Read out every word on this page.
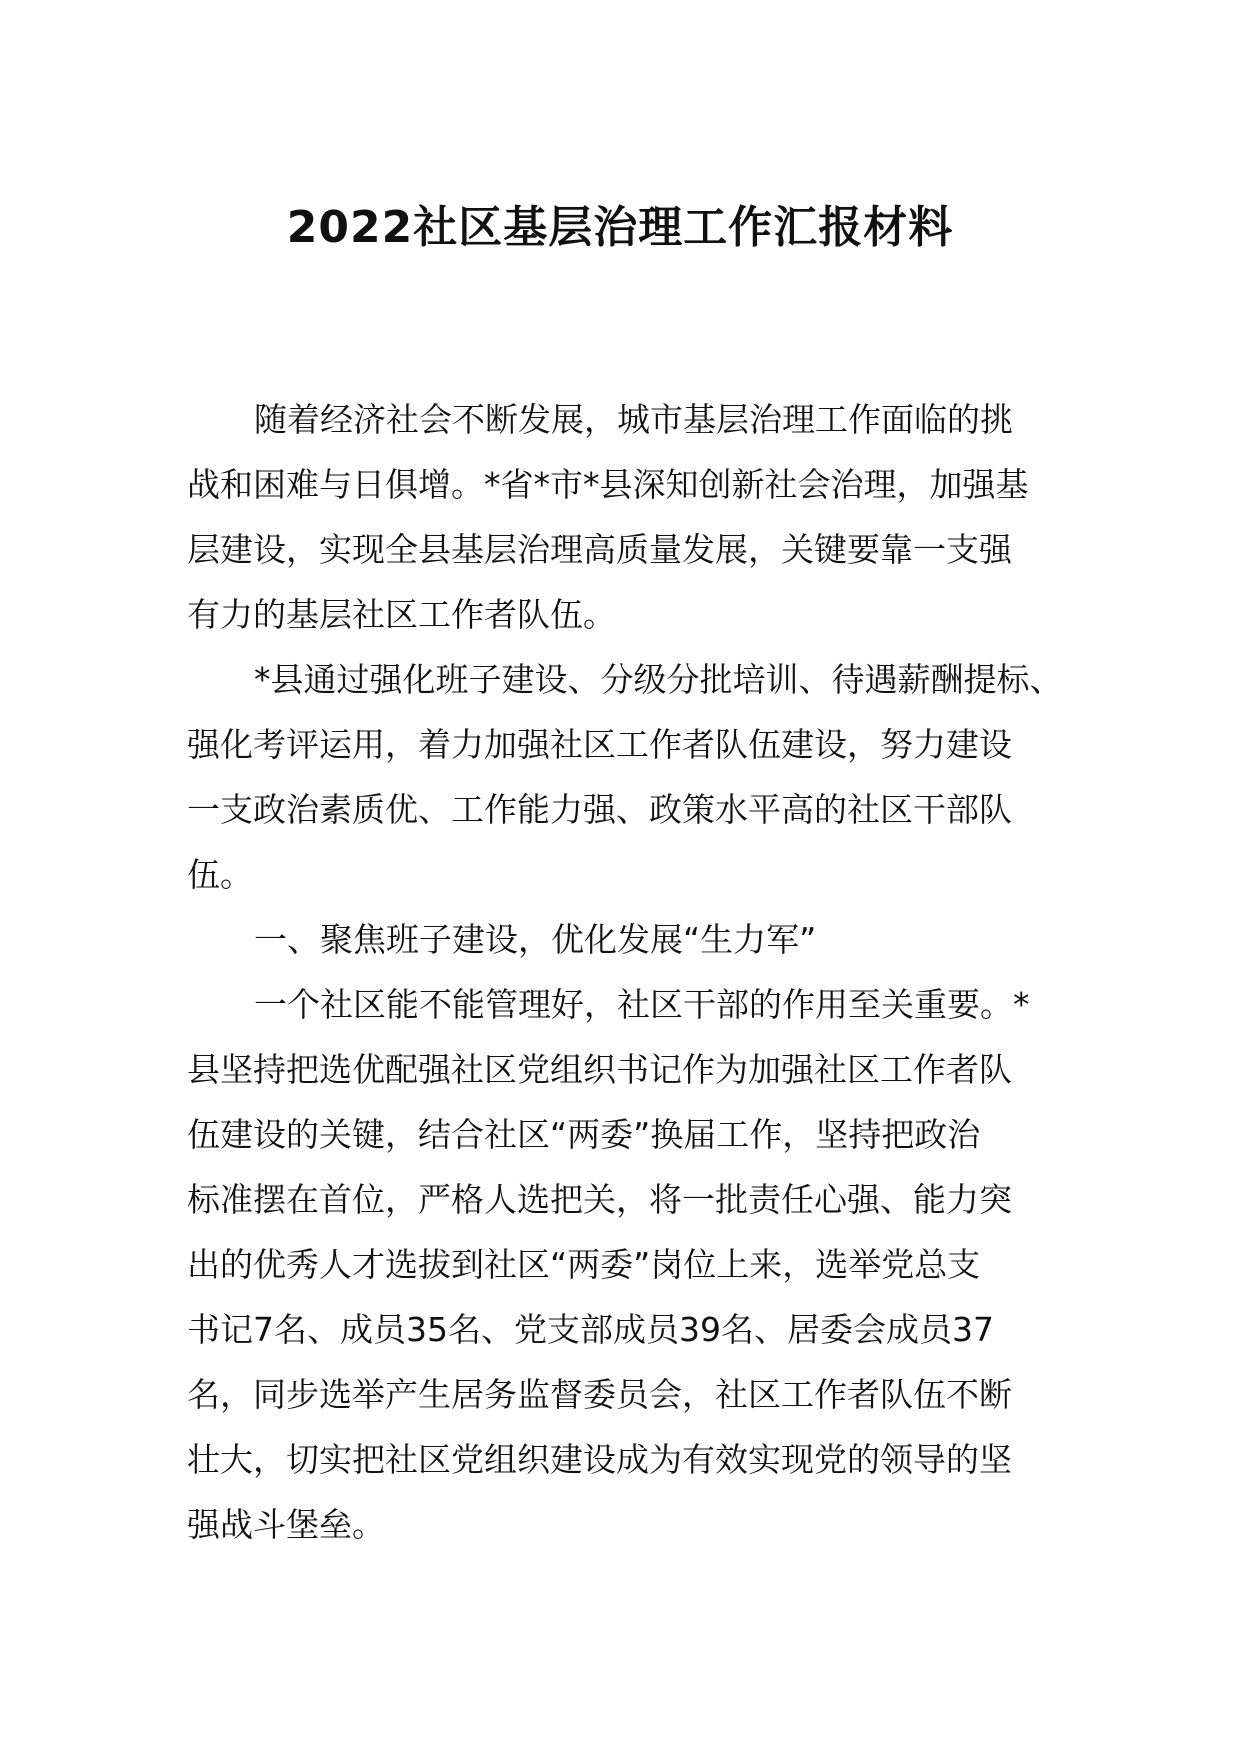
2022社区基层治理工作汇报材料
随着经济社会不断发展，城市基层治理工作面临的挑
战和困难与日俱增。*省*市*县深知创新社会治理，加强基
层建设，实现全县基层治理高质量发展，关键要靠一支强
有力的基层社区工作者队伍。
*县通过强化班子建设、分级分批培训、待遇薪酬提标、
强化考评运用，着力加强社区工作者队伍建设，努力建设
一支政治素质优、工作能力强、政策水平高的社区干部队
伍。
一、聚焦班子建设，优化发展“生力军”
一个社区能不能管理好，社区干部的作用至关重要。*
县坚持把选优配强社区党组织书记作为加强社区工作者队
伍建设的关键，结合社区“两委”换届工作，坚持把政治
标准摆在首位，严格人选把关，将一批责任心强、能力突
出的优秀人才选拔到社区“两委”岗位上来，选举党总支
书记7名、成员35名、党支部成员39名、居委会成员37
名，同步选举产生居务监督委员会，社区工作者队伍不断
壮大，切实把社区党组织建设成为有效实现党的领导的坚
强战斗堡垒。
